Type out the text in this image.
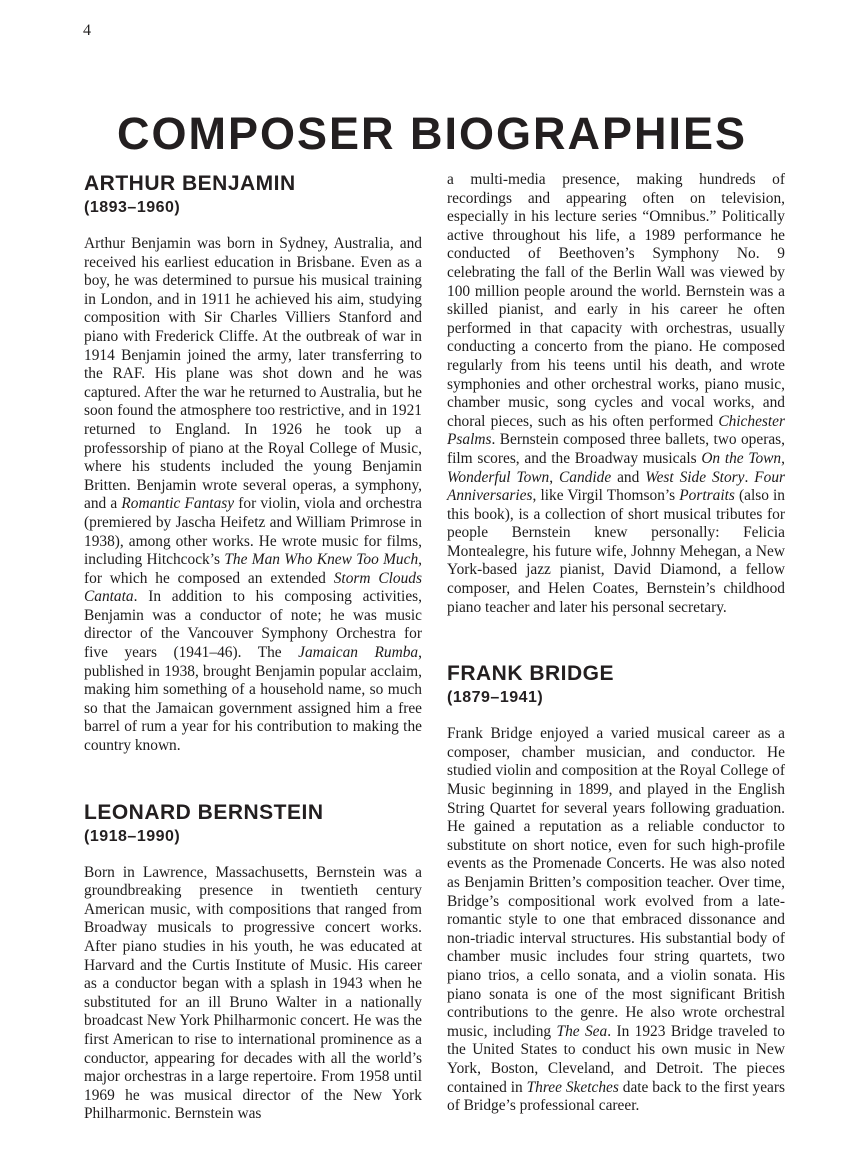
4
COMPOSER BIOGRAPHIES
ARTHUR BENJAMIN
(1893–1960)

Arthur Benjamin was born in Sydney, Australia, and received his earliest education in Brisbane. Even as a boy, he was determined to pursue his musical training in London, and in 1911 he achieved his aim, studying composition with Sir Charles Villiers Stanford and piano with Frederick Cliffe. At the outbreak of war in 1914 Benjamin joined the army, later transferring to the RAF. His plane was shot down and he was captured. After the war he returned to Australia, but he soon found the atmosphere too restrictive, and in 1921 returned to England. In 1926 he took up a professorship of piano at the Royal College of Music, where his students included the young Benjamin Britten. Benjamin wrote several operas, a symphony, and a Romantic Fantasy for violin, viola and orchestra (premiered by Jascha Heifetz and William Primrose in 1938), among other works. He wrote music for films, including Hitchcock’s The Man Who Knew Too Much, for which he composed an extended Storm Clouds Cantata. In addition to his composing activities, Benjamin was a conductor of note; he was music director of the Vancouver Symphony Orchestra for five years (1941–46). The Jamaican Rumba, published in 1938, brought Benjamin popular acclaim, making him something of a household name, so much so that the Jamaican government assigned him a free barrel of rum a year for his contribution to making the country known.

LEONARD BERNSTEIN
(1918–1990)

Born in Lawrence, Massachusetts, Bernstein was a groundbreaking presence in twentieth century American music, with compositions that ranged from Broadway musicals to progressive concert works. After piano studies in his youth, he was educated at Harvard and the Curtis Institute of Music. His career as a conductor began with a splash in 1943 when he substituted for an ill Bruno Walter in a nationally broadcast New York Philharmonic concert. He was the first American to rise to international prominence as a conductor, appearing for decades with all the world’s major orchestras in a large repertoire. From 1958 until 1969 he was musical director of the New York Philharmonic. Bernstein was

a multi-media presence, making hundreds of recordings and appearing often on television, especially in his lecture series “Omnibus.” Politically active throughout his life, a 1989 performance he conducted of Beethoven’s Symphony No. 9 celebrating the fall of the Berlin Wall was viewed by 100 million people around the world. Bernstein was a skilled pianist, and early in his career he often performed in that capacity with orchestras, usually conducting a concerto from the piano. He composed regularly from his teens until his death, and wrote symphonies and other orchestral works, piano music, chamber music, song cycles and vocal works, and choral pieces, such as his often performed Chichester Psalms. Bernstein composed three ballets, two operas, film scores, and the Broadway musicals On the Town, Wonderful Town, Candide and West Side Story. Four Anniversaries, like Virgil Thomson’s Portraits (also in this book), is a collection of short musical tributes for people Bernstein knew personally: Felicia Montealegre, his future wife, Johnny Mehegan, a New York-based jazz pianist, David Diamond, a fellow composer, and Helen Coates, Bernstein’s childhood piano teacher and later his personal secretary.

FRANK BRIDGE
(1879–1941)

Frank Bridge enjoyed a varied musical career as a composer, chamber musician, and conductor. He studied violin and composition at the Royal College of Music beginning in 1899, and played in the English String Quartet for several years following graduation. He gained a reputation as a reliable conductor to substitute on short notice, even for such high-profile events as the Promenade Concerts. He was also noted as Benjamin Britten’s composition teacher. Over time, Bridge’s compositional work evolved from a late-romantic style to one that embraced dissonance and non-triadic interval structures. His substantial body of chamber music includes four string quartets, two piano trios, a cello sonata, and a violin sonata. His piano sonata is one of the most significant British contributions to the genre. He also wrote orchestral music, including The Sea. In 1923 Bridge traveled to the United States to conduct his own music in New York, Boston, Cleveland, and Detroit. The pieces contained in Three Sketches date back to the first years of Bridge’s professional career.
